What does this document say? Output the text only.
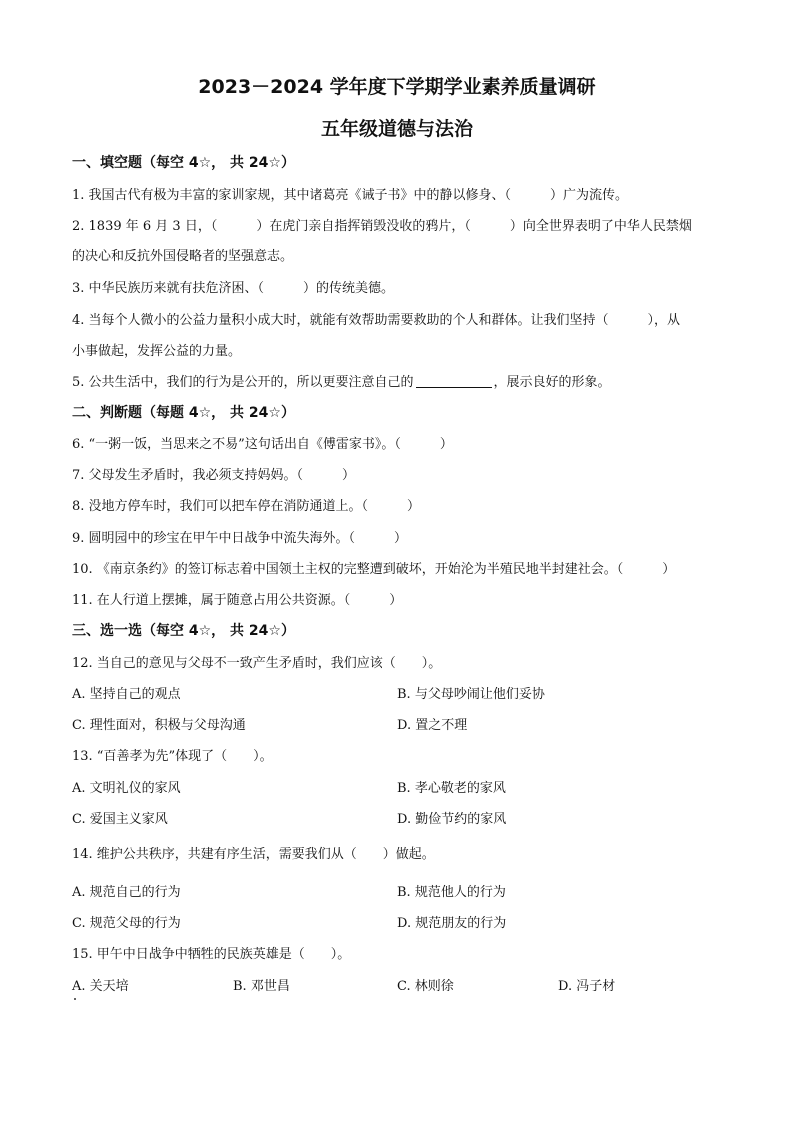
2023－2024 学年度下学期学业素养质量调研
五年级道德与法治
一、填空题（每空 4☆， 共 24☆）
1. 我国古代有极为丰富的家训家规，其中诸葛亮《诫子书》中的静以修身、（　　　）广为流传。
2. 1839 年 6 月 3 日，（　　　）在虎门亲自指挥销毁没收的鸦片，（　　　）向全世界表明了中华人民禁烟
的决心和反抗外国侵略者的坚强意志。
3. 中华民族历来就有扶危济困、（　　　）的传统美德。
4. 当每个人微小的公益力量积小成大时，就能有效帮助需要救助的个人和群体。让我们坚持（　　　），从
小事做起，发挥公益的力量。
5. 公共生活中，我们的行为是公开的，所以更要注意自己的	，展示良好的形象。
二、判断题（每题 4☆， 共 24☆）
6. “一粥一饭，当思来之不易”这句话出自《傅雷家书》。（　　　）
7. 父母发生矛盾时，我必须支持妈妈。（　　　）
8. 没地方停车时，我们可以把车停在消防通道上。（　　　）
9. 圆明园中的珍宝在甲午中日战争中流失海外。（　　　）
10. 《南京条约》的签订标志着中国领土主权的完整遭到破坏，开始沦为半殖民地半封建社会。（　　　）
11. 在人行道上摆摊，属于随意占用公共资源。（　　　）
三、选一选（每空 4☆， 共 24☆）
12. 当自己的意见与父母不一致产生矛盾时，我们应该（　　）。
A. 坚持自己的观点	B. 与父母吵闹让他们妥协
C. 理性面对，积极与父母沟通	D. 置之不理
13. “百善孝为先”体现了（　　）。
A. 文明礼仪的家风	B. 孝心敬老的家风
C. 爱国主义家风	D. 勤俭节约的家风
14. 维护公共秩序，共建有序生活，需要我们从（　　）做起。
A. 规范自己的行为	B. 规范他人的行为
C. 规范父母的行为	D. 规范朋友的行为
15. 甲午中日战争中牺牲的民族英雄是（　　）。
A. 关天培	B. 邓世昌	C. 林则徐	D. 冯子材
